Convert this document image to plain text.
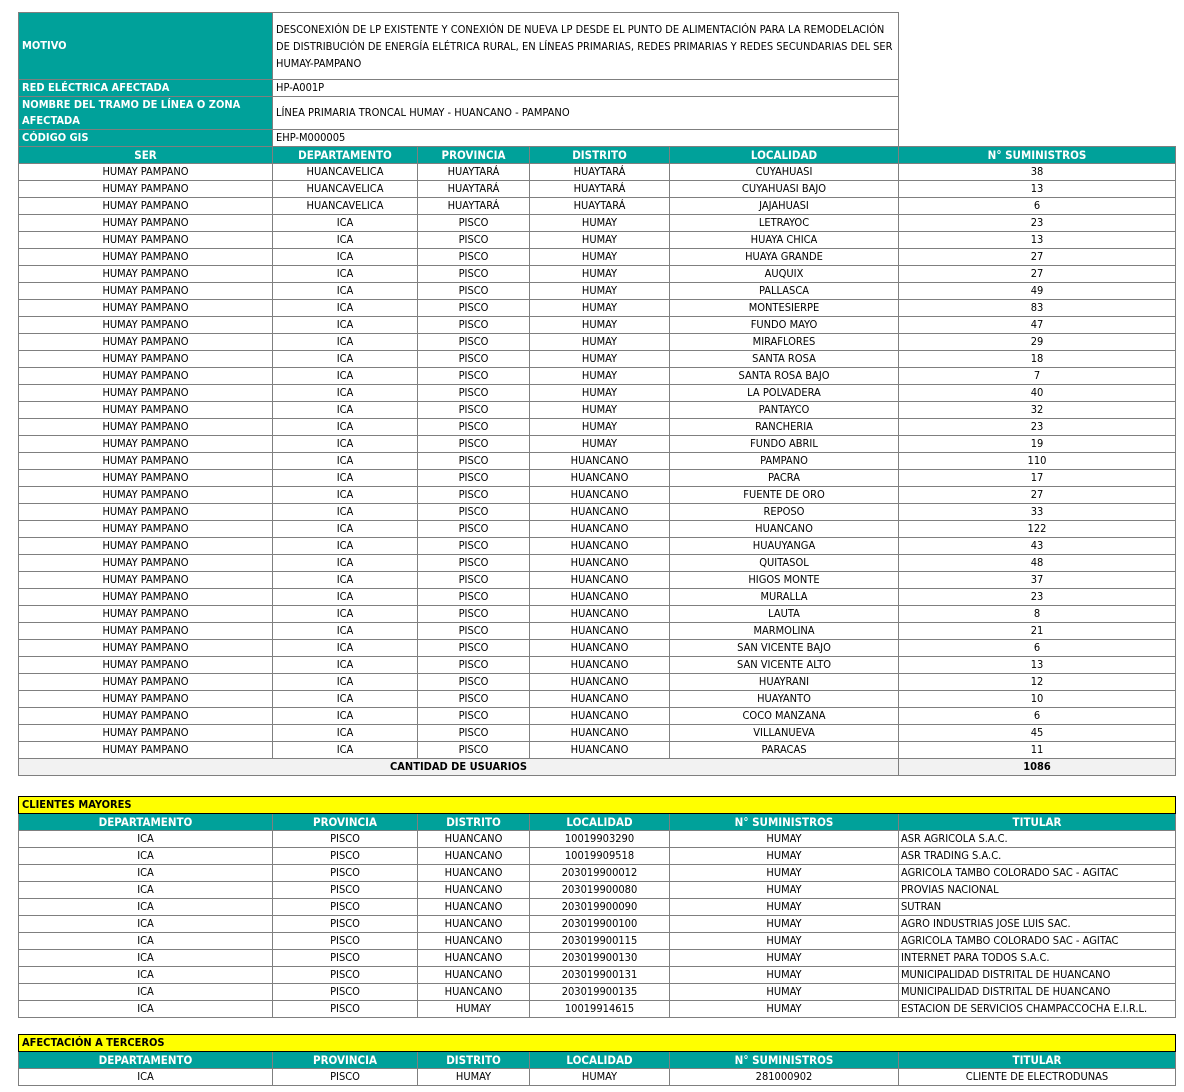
MOTIVO	DESCONEXIÓN DE LP EXISTENTE Y CONEXIÓN DE NUEVA LP DESDE EL PUNTO DE ALIMENTACIÓN PARA LA REMODELACIÓN DE DISTRIBUCIÓN DE ENERGÍA ELÉTRICA RURAL, EN LÍNEAS PRIMARIAS, REDES PRIMARIAS Y REDES SECUNDARIAS DEL SER HUMAY-PAMPANO				
RED ELÉCTRICA AFECTADA	HP-A001P				
NOMBRE DEL TRAMO DE LÍNEA O ZONA AFECTADA	LÍNEA PRIMARIA TRONCAL HUMAY - HUANCANO - PAMPANO				
CÓDIGO GIS	EHP-M000005				
SER	DEPARTAMENTO	PROVINCIA	DISTRITO	LOCALIDAD	N° SUMINISTROS
HUMAY PAMPANO	HUANCAVELICA	HUAYTARÁ	HUAYTARÁ	CUYAHUASI	38
HUMAY PAMPANO	HUANCAVELICA	HUAYTARÁ	HUAYTARÁ	CUYAHUASI BAJO	13
HUMAY PAMPANO	HUANCAVELICA	HUAYTARÁ	HUAYTARÁ	JAJAHUASI	6
HUMAY PAMPANO	ICA	PISCO	HUMAY	LETRAYOC	23
HUMAY PAMPANO	ICA	PISCO	HUMAY	HUAYA CHICA	13
HUMAY PAMPANO	ICA	PISCO	HUMAY	HUAYA GRANDE	27
HUMAY PAMPANO	ICA	PISCO	HUMAY	AUQUIX	27
HUMAY PAMPANO	ICA	PISCO	HUMAY	PALLASCA	49
HUMAY PAMPANO	ICA	PISCO	HUMAY	MONTESIERPE	83
HUMAY PAMPANO	ICA	PISCO	HUMAY	FUNDO MAYO	47
HUMAY PAMPANO	ICA	PISCO	HUMAY	MIRAFLORES	29
HUMAY PAMPANO	ICA	PISCO	HUMAY	SANTA ROSA	18
HUMAY PAMPANO	ICA	PISCO	HUMAY	SANTA ROSA BAJO	7
HUMAY PAMPANO	ICA	PISCO	HUMAY	LA POLVADERA	40
HUMAY PAMPANO	ICA	PISCO	HUMAY	PANTAYCO	32
HUMAY PAMPANO	ICA	PISCO	HUMAY	RANCHERIA	23
HUMAY PAMPANO	ICA	PISCO	HUMAY	FUNDO ABRIL	19
HUMAY PAMPANO	ICA	PISCO	HUANCANO	PAMPANO	110
HUMAY PAMPANO	ICA	PISCO	HUANCANO	PACRA	17
HUMAY PAMPANO	ICA	PISCO	HUANCANO	FUENTE DE ORO	27
HUMAY PAMPANO	ICA	PISCO	HUANCANO	REPOSO	33
HUMAY PAMPANO	ICA	PISCO	HUANCANO	HUANCANO	122
HUMAY PAMPANO	ICA	PISCO	HUANCANO	HUAUYANGA	43
HUMAY PAMPANO	ICA	PISCO	HUANCANO	QUITASOL	48
HUMAY PAMPANO	ICA	PISCO	HUANCANO	HIGOS MONTE	37
HUMAY PAMPANO	ICA	PISCO	HUANCANO	MURALLA	23
HUMAY PAMPANO	ICA	PISCO	HUANCANO	LAUTA	8
HUMAY PAMPANO	ICA	PISCO	HUANCANO	MARMOLINA	21
HUMAY PAMPANO	ICA	PISCO	HUANCANO	SAN VICENTE BAJO	6
HUMAY PAMPANO	ICA	PISCO	HUANCANO	SAN VICENTE ALTO	13
HUMAY PAMPANO	ICA	PISCO	HUANCANO	HUAYRANI	12
HUMAY PAMPANO	ICA	PISCO	HUANCANO	HUAYANTO	10
HUMAY PAMPANO	ICA	PISCO	HUANCANO	COCO MANZANA	6
HUMAY PAMPANO	ICA	PISCO	HUANCANO	VILLANUEVA	45
HUMAY PAMPANO	ICA	PISCO	HUANCANO	PARACAS	11
CANTIDAD DE USUARIOS					1086
CLIENTES MAYORES					
DEPARTAMENTO	PROVINCIA	DISTRITO	LOCALIDAD	N° SUMINISTROS	TITULAR
ICA	PISCO	HUANCANO	10019903290	HUMAY	ASR AGRICOLA S.A.C.
ICA	PISCO	HUANCANO	10019909518	HUMAY	ASR TRADING S.A.C.
ICA	PISCO	HUANCANO	203019900012	HUMAY	AGRICOLA TAMBO COLORADO SAC - AGITAC
ICA	PISCO	HUANCANO	203019900080	HUMAY	PROVIAS NACIONAL
ICA	PISCO	HUANCANO	203019900090	HUMAY	SUTRAN
ICA	PISCO	HUANCANO	203019900100	HUMAY	AGRO INDUSTRIAS JOSE LUIS SAC.
ICA	PISCO	HUANCANO	203019900115	HUMAY	AGRICOLA TAMBO COLORADO SAC - AGITAC
ICA	PISCO	HUANCANO	203019900130	HUMAY	INTERNET PARA TODOS S.A.C.
ICA	PISCO	HUANCANO	203019900131	HUMAY	MUNICIPALIDAD DISTRITAL DE HUANCANO
ICA	PISCO	HUANCANO	203019900135	HUMAY	MUNICIPALIDAD DISTRITAL DE HUANCANO
ICA	PISCO	HUMAY	10019914615	HUMAY	ESTACION DE SERVICIOS CHAMPACCOCHA E.I.R.L.
AFECTACIÓN A TERCEROS					
DEPARTAMENTO	PROVINCIA	DISTRITO	LOCALIDAD	N° SUMINISTROS	TITULAR
ICA	PISCO	HUMAY	HUMAY	281000902	CLIENTE DE ELECTRODUNAS
